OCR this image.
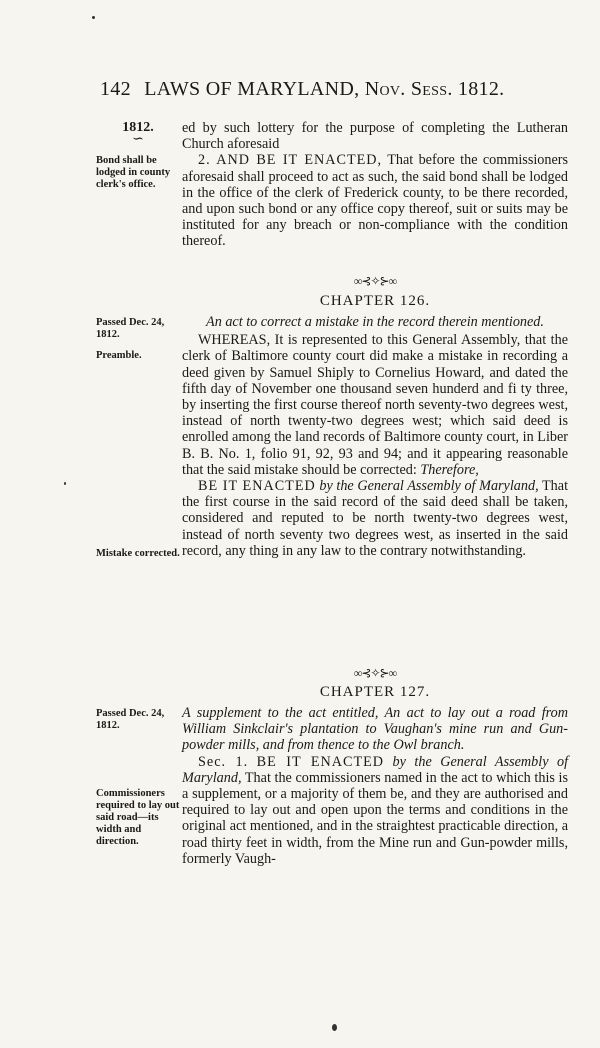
142 LAWS OF MARYLAND, Nov. Sess. 1812.
1812.
∽
Bond shall be lodged in county clerk's office.

ed by such lottery for the purpose of completing the Lutheran Church aforesaid

2. AND BE IT ENACTED, That before the commissioners aforesaid shall proceed to act as such, the said bond shall be lodged in the office of the clerk of Frederick county, to be there recorded, and upon such bond or any office copy thereof, suit or suits may be instituted for any breach or non-compliance with the condition thereof.

∞⊰✧⊱∞
CHAPTER 126.
Passed Dec. 24, 1812.
Preamble.
Mistake corrected.

An act to correct a mistake in the record therein mentioned.

WHEREAS, It is represented to this General Assembly, that the clerk of Baltimore county court did make a mistake in recording a deed given by Samuel Shiply to Cornelius Howard, and dated the fifth day of November one thousand seven hunderd and fi ty three, by inserting the first course thereof north seventy-two degrees west, instead of north twenty-two degrees west; which said deed is enrolled among the land records of Baltimore county court, in Liber B. B. No. 1, folio 91, 92, 93 and 94; and it appearing reasonable that the said mistake should be corrected: Therefore,

BE IT ENACTED by the General Assembly of Maryland, That the first course in the said record of the said deed shall be taken, considered and reputed to be north twenty-two degrees west, instead of north seventy two degrees west, as inserted in the said record, any thing in any law to the contrary notwithstanding.

∞⊰✧⊱∞
CHAPTER 127.
Passed Dec. 24, 1812.
Commissioners required to lay out said road—its width and direction.

A supplement to the act entitled, An act to lay out a road from William Sinkclair's plantation to Vaughan's mine run and Gun-powder mills, and from thence to the Owl branch.

Sec. 1. BE IT ENACTED by the General Assembly of Maryland, That the commissioners named in the act to which this is a supplement, or a majority of them be, and they are authorised and required to lay out and open upon the terms and conditions in the original act mentioned, and in the straightest practicable direction, a road thirty feet in width, from the Mine run and Gun-powder mills, formerly Vaugh-
